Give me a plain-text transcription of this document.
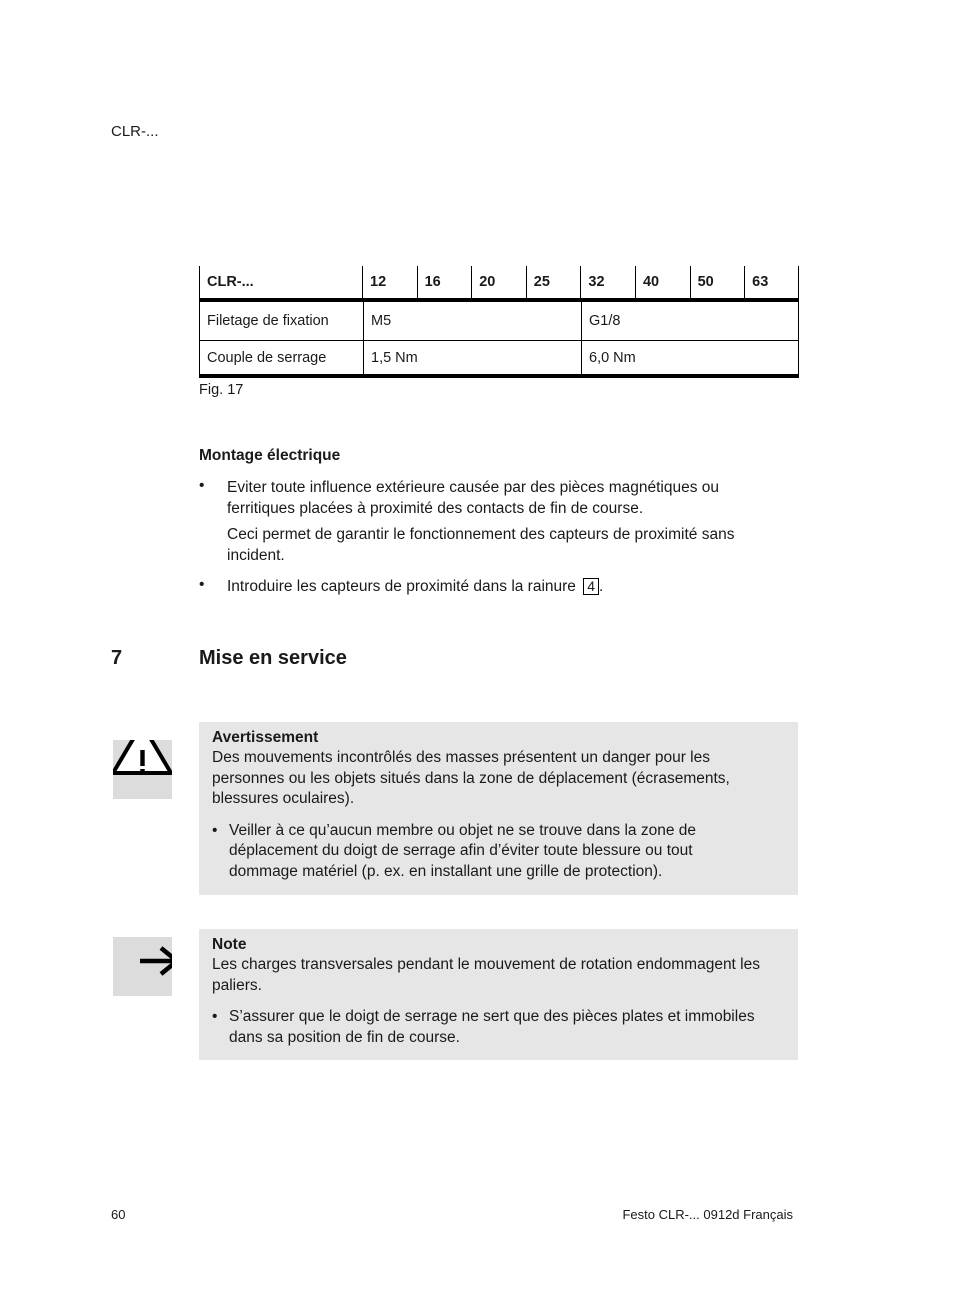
CLR-...
CLR-...	12	16	20	25	32	40	50	63
Filetage de fixation	M5	G1/8
Couple de serrage	1,5 Nm	6,0 Nm
Fig. 17
Montage électrique
• Eviter toute influence extérieure causée par des pièces magnétiques ou
ferritiques placées à proximité des contacts de fin de course.
Ceci permet de garantir le fonctionnement des capteurs de proximité sans
incident.
• Introduire les capteurs de proximité dans la rainure 4 .
7	Mise en service
Avertissement
Des mouvements incontrôlés des masses présentent un danger pour les
personnes ou les objets situés dans la zone de déplacement (écrasements,
blessures oculaires).
• Veiller à ce qu’aucun membre ou objet ne se trouve dans la zone de
déplacement du doigt de serrage afin d’éviter toute blessure ou tout
dommage matériel (p. ex. en installant une grille de protection).
Note
Les charges transversales pendant le mouvement de rotation endommagent les
paliers.
• S’assurer que le doigt de serrage ne sert que des pièces plates et immobiles
dans sa position de fin de course.
60	Festo CLR-... 0912d Français
